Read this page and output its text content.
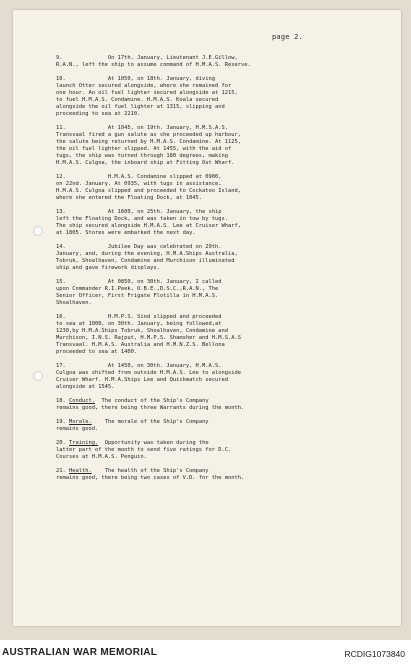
page 2.
9.              On 17th. January, Lieutenant J.E.Gillow,
R.A.N., left the ship to assume command of H.M.A.S. Reserve.
10.             At 1050, on 18th. January, diving
launch Otter secured alongside, where she remained for
one hour. An oil fuel lighter secured alongside at 1215,
to fuel H.M.A.S. Condamine. H.M.A.S. Koala secured
alongside the oil fuel lighter at 1315, slipping and
proceeding to sea at 2210.
11.             At 1045, on 19th. January, H.M.S.A.S.
Transvaal fired a gun salute as she proceeded up harbour,
the salute being returned by H.M.A.S. Condamine. At 1125,
the oil fuel lighter slipped. At 1455, with the aid of
tugs, the ship was turned through 180 degrees, making
H.M.A.S. Culgoa, the inboard ship at Fitting Out Wharf.
12.             H.M.A.S. Condamine slipped at 0900,
on 22nd. January. At 0935, with tugs in assistance,
H.M.A.S. Culgoa slipped and proceeded to Cockatoo Island,
where she entered the Floating Dock, at 1045.
13.             At 1600, on 25th. January, the ship
left the Floating Dock, and was taken in tow by tugs.
The ship secured alongside H.M.A.S. Lee at Cruiser Wharf,
at 1805. Stores were embarked the next day.
14.             Jubilee Day was celebrated on 29th.
January, and, during the evening, H.M.A.Ships Australia,
Tobruk, Shoalhaven, Condamine and Murchison illuminated
ship and gave firework displays.
15.             At 0850, on 30th. January, I called
upon Commander R.I.Peek, O.B.E.,D.S.C.,R.A.N., The
Senior Officer, First Frigate Flotilla in H.M.A.S.
Shoalhaven.
16.             H.M.P.S. Sind slipped and proceeded
to sea at 1000, on 30th. January, being followed,at
1230,by H.M.A.Ships Tobruk, Shoalhaven, Condamine and
Murchison, I.N.S. Rajput, H.M.P.S. Shamsher and H.M.S.A.S
Transvaal. H.M.A.S. Australia and H.M.N.Z.S. Bellona
proceeded to sea at 1400.
17.             At 1450, on 30th. January, H.M.A.S.
Culgoa was shifted from outside H.M.A.S. Lee to alongside
Cruiser Wharf. H.M.A.Ships Lee and Quickmatch secured
alongside at 1545.
18. Conduct.  The conduct of the Ship's Company
remains good, there being three Warrants during the month.
19. Morale.    The morale of the Ship's Company
remains good.
20. Training.  Opportunity was taken during the
latter part of the month to send five ratings for D.C.
Courses at H.M.A.S. Penguin.
21. Health.    The health of the Ship's Company
remains good, there being two cases of V.D. for the month.
AUSTRALIAN WAR MEMORIAL	RCDIG1073840
